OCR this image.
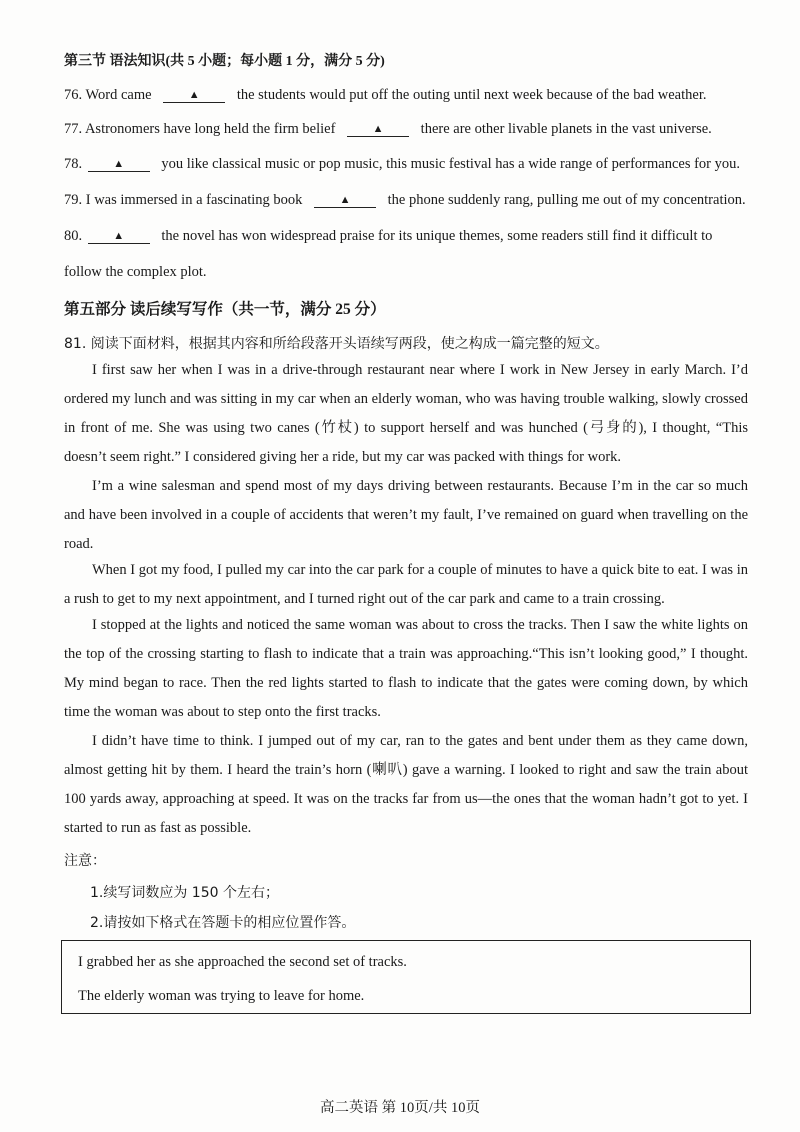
第三节 语法知识(共 5 小题；每小题 1 分，满分 5 分)
76. Word came	▲	the students would put off the outing until next week because of the bad weather.
77. Astronomers have long held the firm belief	▲	there are other livable planets in the vast universe.
78.	▲	you like classical music or pop music, this music festival has a wide range of performances for you.
79. I was immersed in a fascinating book	▲	the phone suddenly rang, pulling me out of my concentration.
80.	▲	the novel has won widespread praise for its unique themes, some readers still find it difficult to
follow the complex plot.
第五部分 读后续写写作（共一节，满分 25 分）
81. 阅读下面材料，根据其内容和所给段落开头语续写两段，使之构成一篇完整的短文。
I first saw her when I was in a drive-through restaurant near where I work in New Jersey in early March. I’d ordered my lunch and was sitting in my car when an elderly woman, who was having trouble walking, slowly crossed in front of me. She was using two canes (竹杖) to support herself and was hunched (弓身的), I thought, “This doesn’t seem right.” I considered giving her a ride, but my car was packed with things for work.
I’m a wine salesman and spend most of my days driving between restaurants. Because I’m in the car so much and have been involved in a couple of accidents that weren’t my fault, I’ve remained on guard when travelling on the road.
When I got my food, I pulled my car into the car park for a couple of minutes to have a quick bite to eat. I was in a rush to get to my next appointment, and I turned right out of the car park and came to a train crossing.
I stopped at the lights and noticed the same woman was about to cross the tracks. Then I saw the white lights on the top of the crossing starting to flash to indicate that a train was approaching.“This isn’t looking good,” I thought. My mind began to race. Then the red lights started to flash to indicate that the gates were coming down, by which time the woman was about to step onto the first tracks.
I didn’t have time to think. I jumped out of my car, ran to the gates and bent under them as they came down, almost getting hit by them. I heard the train’s horn (喇叭) gave a warning. I looked to right and saw the train about 100 yards away, approaching at speed. It was on the tracks far from us—the ones that the woman hadn’t got to yet. I started to run as fast as possible.
注意：
1.续写词数应为 150 个左右；
2.请按如下格式在答题卡的相应位置作答。
I grabbed her as she approached the second set of tracks.
The elderly woman was trying to leave for home.
高二英语 第 10页/共 10页
